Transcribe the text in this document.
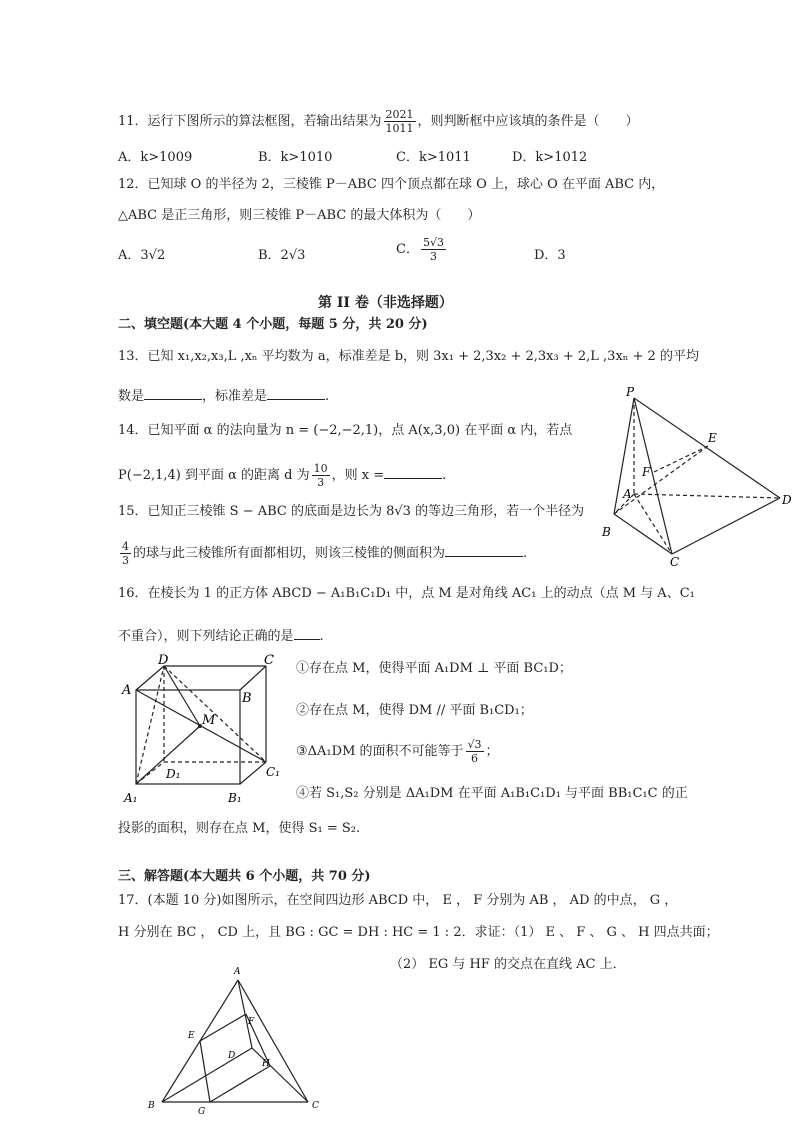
11．运行下图所示的算法框图，若输出结果为 $\frac{2021}{1011}$ ，则判断框中应该填的条件是（　　）
A．k>1009	B．k>1010	C．k>1011	D．k>1012
12．已知球 O 的半径为 2，三棱锥 P－ABC 四个顶点都在球 O 上，球心 O 在平面 ABC 内，
△ABC 是正三角形，则三棱锥 P－ABC 的最大体积为（　　）
A．3√2	B．2√3	C． $\frac{5√3}{3}$	D．3
第 II 卷（非选择题）
二、填空题(本大题 4 个小题，每题 5 分，共 20 分)
13．已知 x₁,x₂,x₃,L ,xₙ 平均数为 a，标准差是 b，则 3x₁ + 2,3x₂ + 2,3x₃ + 2,L ,3xₙ + 2 的平均
数是	，标准差是	.	P
E
F
A
B
C
D
14．已知平面 α 的法向量为 n = (−2,−2,1)，点 A(x,3,0) 在平面 α 内，若点
P(−2,1,4) 到平面 α 的距离 d 为 $\frac{10}{3}$ ，则 x =	.
15．已知正三棱锥 S − ABC 的底面是边长为 8√3 的等边三角形，若一个半径为
$\frac{4}{3}$ 的球与此三棱锥所有面都相切，则该三棱锥的侧面积为	.
16．在棱长为 1 的正方体 ABCD − A₁B₁C₁D₁ 中，点 M 是对角线 AC₁ 上的动点（点 M 与 A、C₁
不重合），则下列结论正确的是 .
D	C
A
B
M
D₁	C₁
A₁	B₁
①存在点 M，使得平面 A₁DM ⊥ 平面 BC₁D；
②存在点 M，使得 DM // 平面 B₁CD₁；
③ΔA₁DM 的面积不可能等于 $\frac{√3}{6}$ ；
④若 S₁,S₂ 分别是 ΔA₁DM 在平面 A₁B₁C₁D₁ 与平面 BB₁C₁C 的正
投影的面积，则存在点 M，使得 S₁ = S₂.
三、解答题(本大题共 6 个小题，共 70 分)
17．(本题 10 分)如图所示，在空间四边形 ABCD 中， E ， F 分别为 AB ， AD 的中点， G ，
H 分别在 BC ， CD 上，且 BG : GC = DH : HC = 1 : 2．求证：（1） E 、 F 、 G 、 H 四点共面；
（2） EG 与 HF 的交点在直线 AC 上．
A
E
F
D
H
B
G
C
